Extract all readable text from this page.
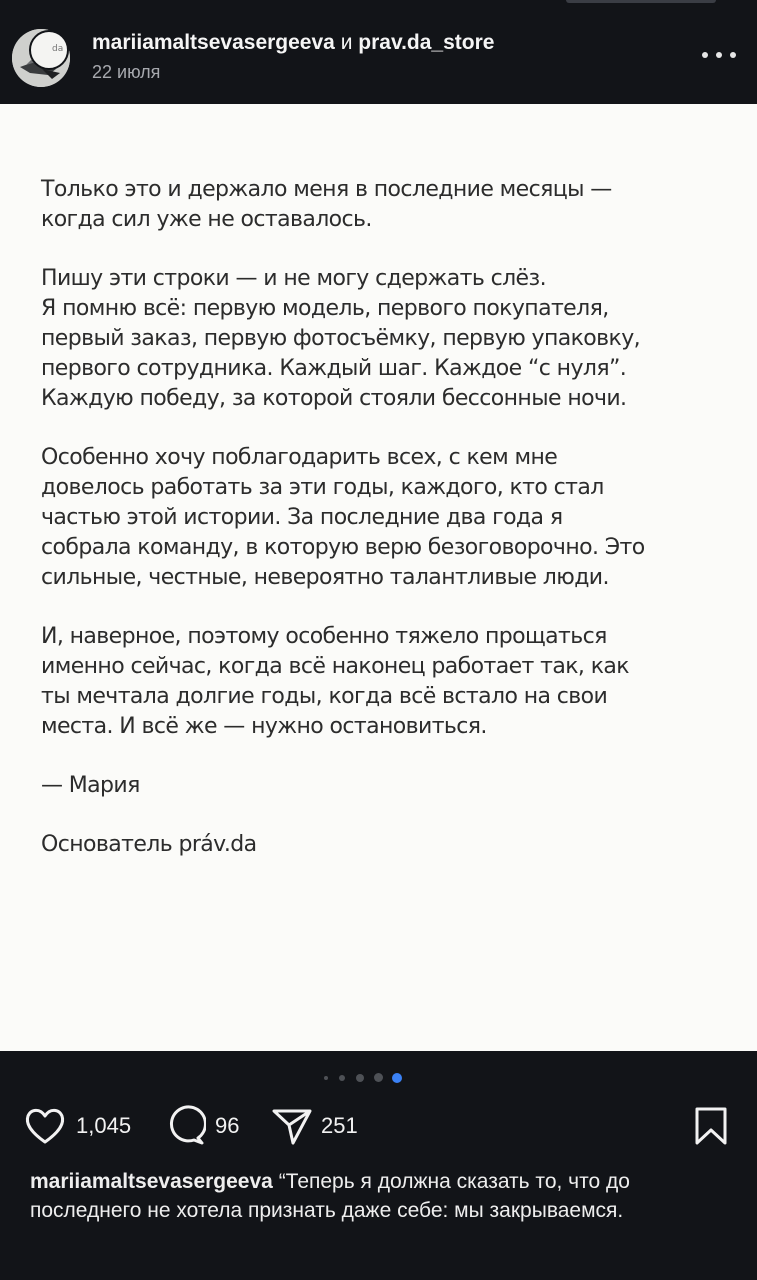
da mariiamaltsevasergeeva и prav.da_store
22 июля

Только это и держало меня в последние месяцы —
когда сил уже не оставалось.

Пишу эти строки — и не могу сдержать слёз.
Я помню всё: первую модель, первого покупателя,
первый заказ, первую фотосъёмку, первую упаковку,
первого сотрудника. Каждый шаг. Каждое “с нуля”.
Каждую победу, за которой стояли бессонные ночи.

Особенно хочу поблагодарить всех, с кем мне
довелось работать за эти годы, каждого, кто стал
частью этой истории. За последние два года я
собрала команду, в которую верю безоговорочно. Это
сильные, честные, невероятно талантливые люди.

И, наверное, поэтому особенно тяжело прощаться
именно сейчас, когда всё наконец работает так, как
ты мечтала долгие годы, когда всё встало на свои
места. И всё же — нужно остановиться.

— Мария

Основатель práv.da

1,045	96	251
mariiamaltsevasergeeva “Теперь я должна сказать то, что до последнего не хотела признать даже себе: мы закрываемся.
